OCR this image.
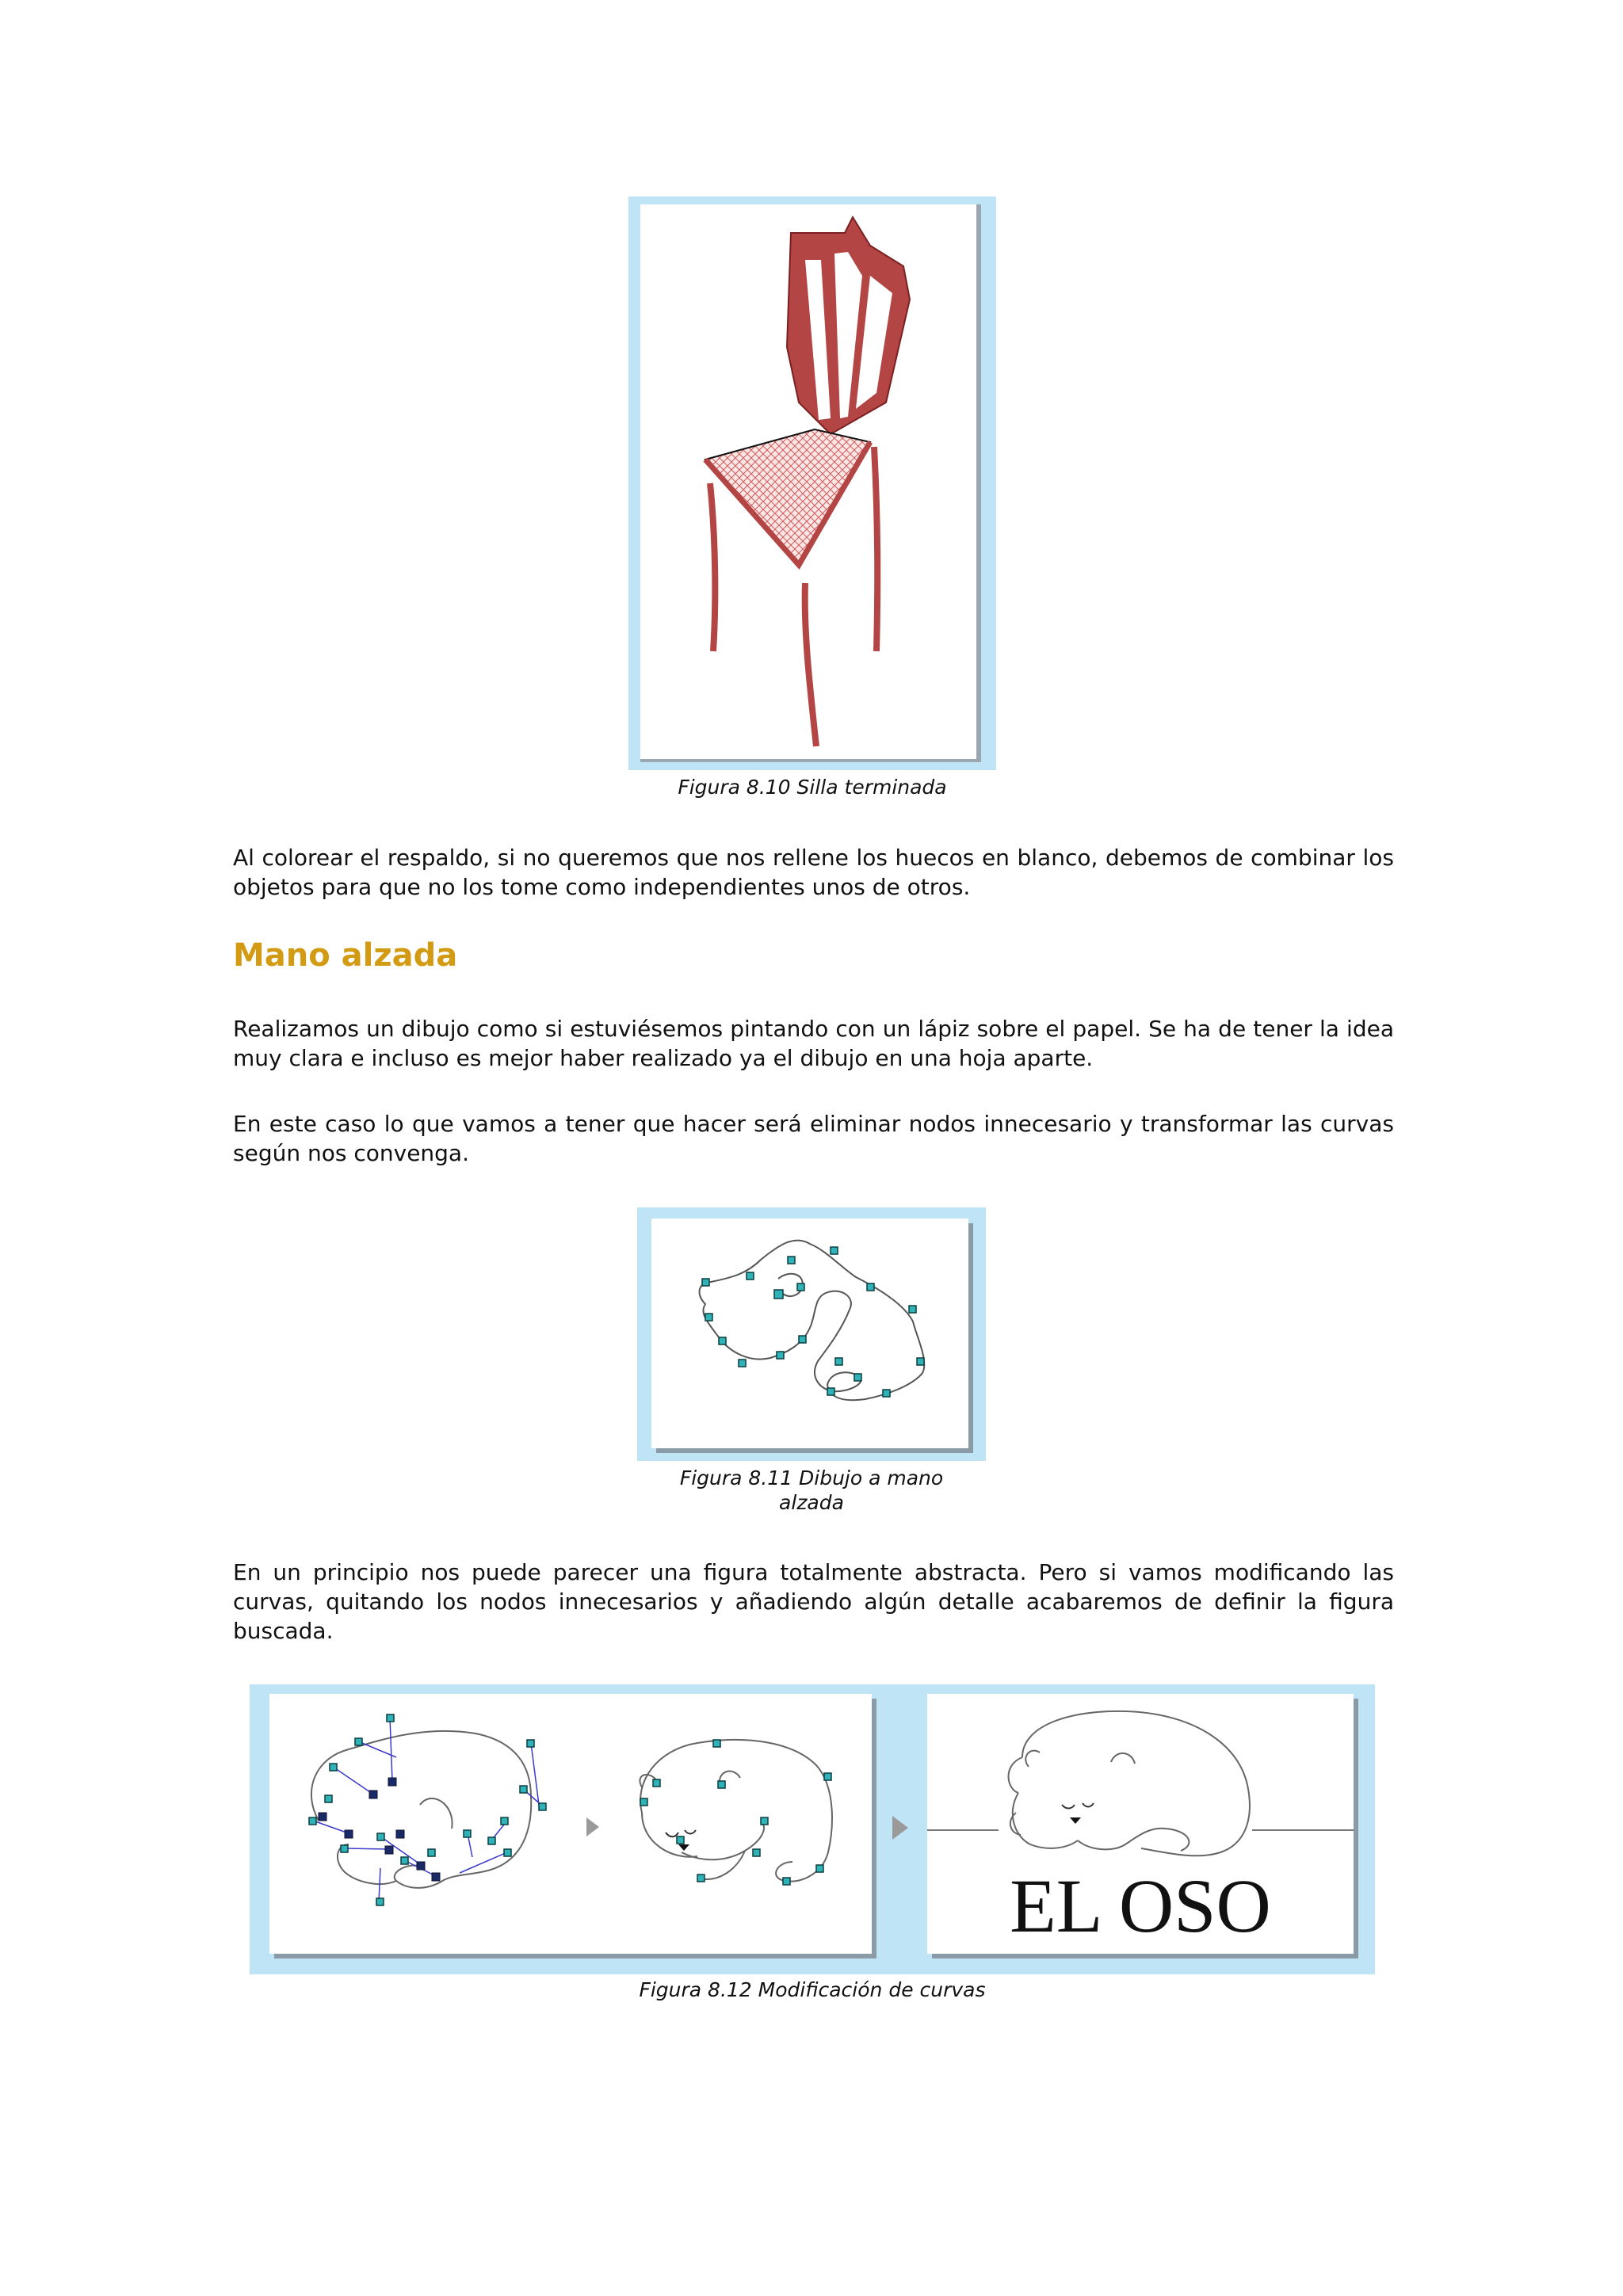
Figura 8.10 Silla terminada

Al colorear el respaldo, si no queremos que nos rellene los huecos en blanco, debemos de combinar los objetos para que no los tome como independientes unos de otros.

Mano alzada

Realizamos un dibujo como si estuviésemos pintando con un lápiz sobre el papel. Se ha de tener la idea muy clara e incluso es mejor haber realizado ya el dibujo en una hoja aparte.

En este caso lo que vamos a tener que hacer será eliminar nodos innecesario y transformar las curvas según nos convenga.

Figura 8.11 Dibujo a mano
alzada

En un principio nos puede parecer una figura totalmente abstracta. Pero si vamos modificando las curvas, quitando los nodos innecesarios y añadiendo algún detalle acabaremos de definir la figura buscada.

EL OSO
Figura 8.12 Modificación de curvas
